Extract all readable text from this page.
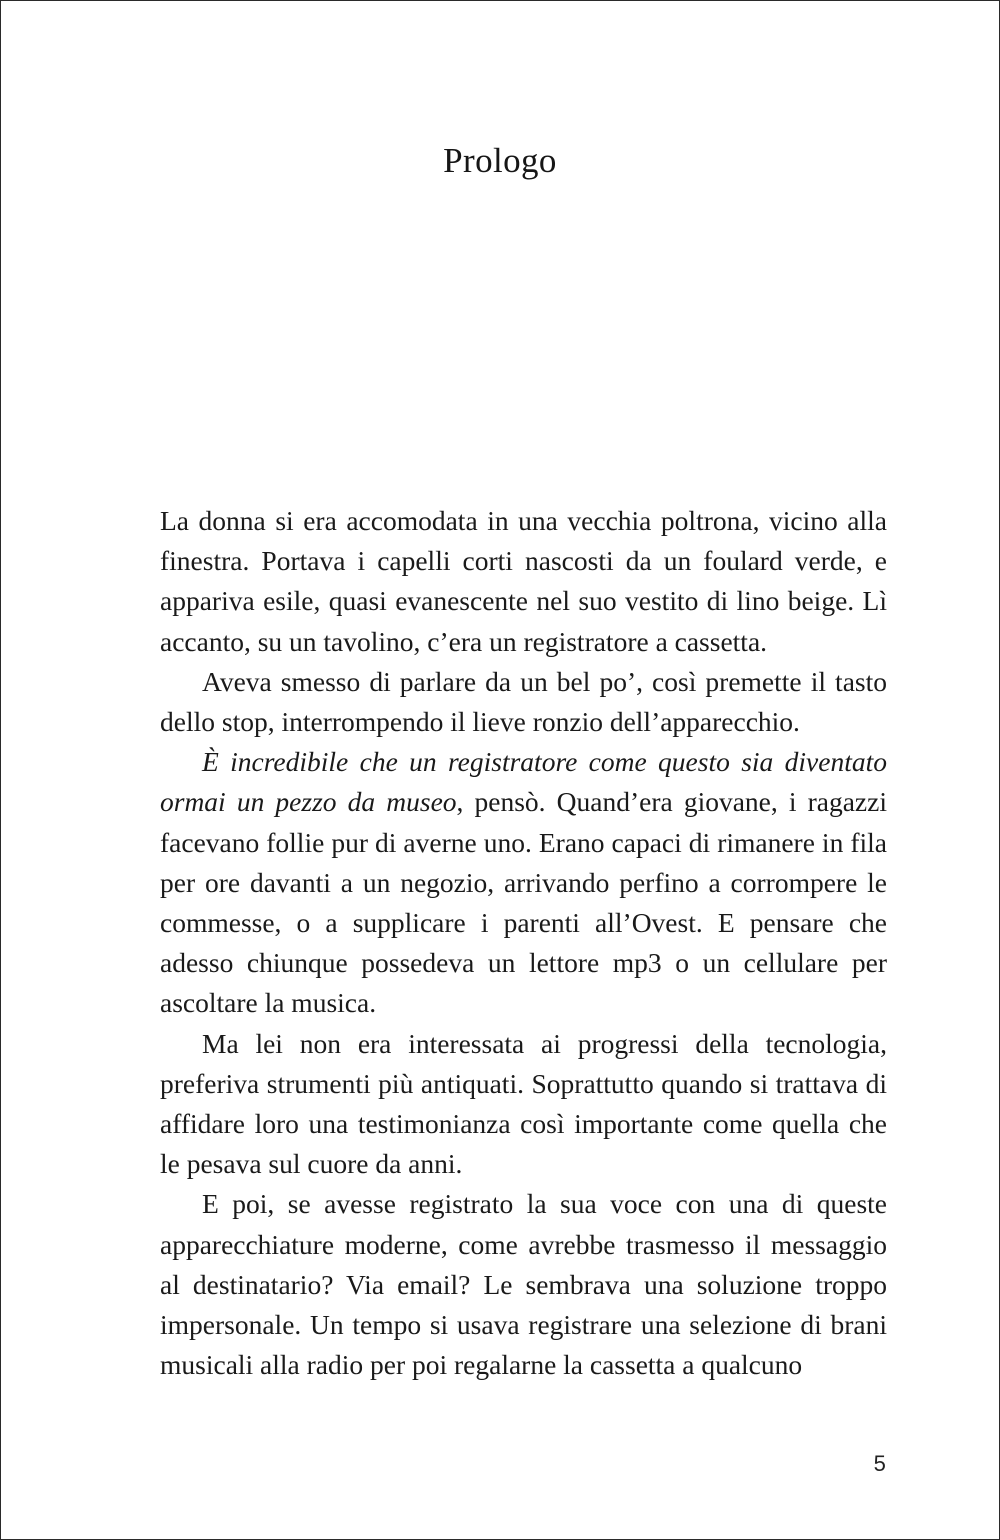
Prologo

La donna si era accomodata in una vecchia poltrona, vicino alla finestra. Portava i capelli corti nascosti da un foulard verde, e appariva esile, quasi evanescente nel suo vestito di lino beige. Lì accanto, su un tavolino, c’era un registratore a cassetta.

Aveva smesso di parlare da un bel po’, così premette il tasto dello stop, interrompendo il lieve ronzio dell’apparecchio.

È incredibile che un registratore come questo sia diventato ormai un pezzo da museo, pensò. Quand’era giovane, i ragazzi facevano follie pur di averne uno. Erano capaci di rimanere in fila per ore davanti a un negozio, arrivando perfino a corrompere le commesse, o a supplicare i parenti all’Ovest. E pensare che adesso chiunque possedeva un lettore mp3 o un cellulare per ascoltare la musica.

Ma lei non era interessata ai progressi della tecnologia, preferiva strumenti più antiquati. Soprattutto quando si trattava di affidare loro una testimonianza così importante come quella che le pesava sul cuore da anni.

E poi, se avesse registrato la sua voce con una di queste apparecchiature moderne, come avrebbe trasmesso il messaggio al destinatario? Via email? Le sembrava una soluzione troppo impersonale. Un tempo si usava registrare una selezione di brani musicali alla radio per poi regalarne la cassetta a qualcuno

5
